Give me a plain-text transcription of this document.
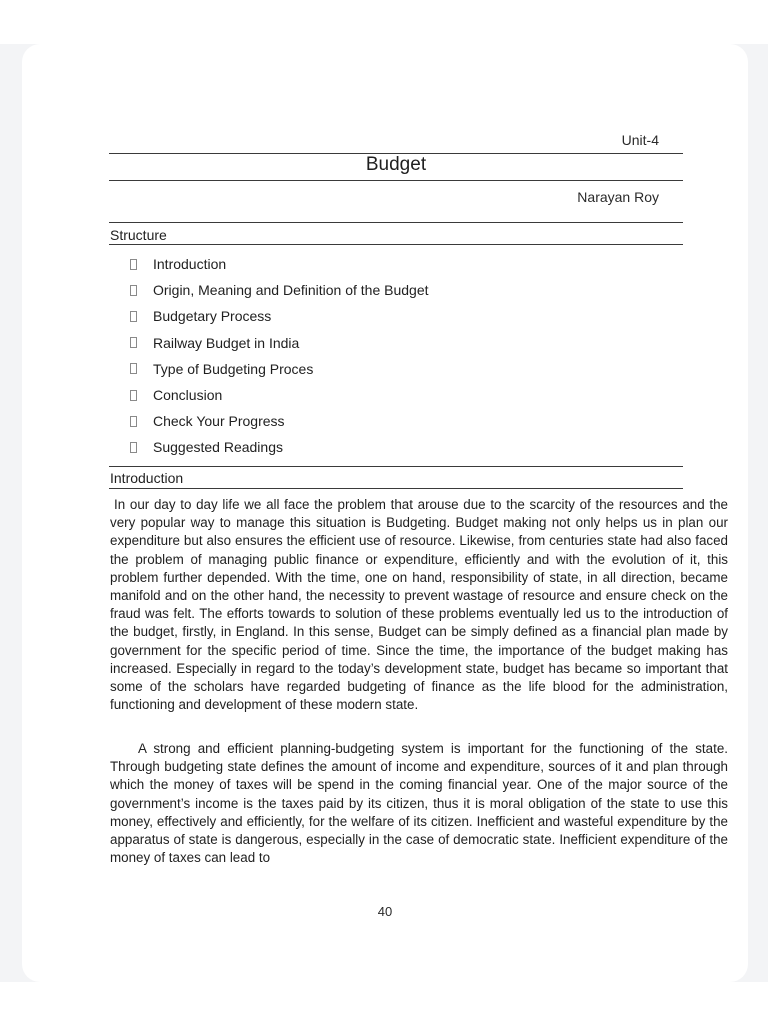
Unit-4
Budget
Narayan Roy
Structure
Introduction
Origin, Meaning and Definition of the Budget
Budgetary Process
Railway Budget in India
Type of Budgeting Proces
Conclusion
Check Your Progress
Suggested Readings
Introduction

In our day to day life we all face the problem that arouse due to the scarcity of the resources and the very popular way to manage this situation is Budgeting. Budget making not only helps us in plan our expenditure but also ensures the efficient use of resource. Likewise, from centuries state had also faced the problem of managing public finance or expenditure, efficiently and with the evolution of it, this problem further depended. With the time, one on hand, responsibility of state, in all direction, became manifold and on the other hand, the necessity to prevent wastage of resource and ensure check on the fraud was felt. The efforts towards to solution of these problems eventually led us to the introduction of the budget, firstly, in England. In this sense, Budget can be simply defined as a financial plan made by government for the specific period of time. Since the time, the importance of the budget making has increased. Especially in regard to the today’s development state, budget has became so important that some of the scholars have regarded budgeting of finance as the life blood for the administration, functioning and development of these modern state.

A strong and efficient planning-budgeting system is important for the functioning of the state. Through budgeting state defines the amount of income and expenditure, sources of it and plan through which the money of taxes will be spend in the coming financial year. One of the major source of the government’s income is the taxes paid by its citizen, thus it is moral obligation of the state to use this money, effectively and efficiently, for the welfare of its citizen. Inefficient and wasteful expenditure by the apparatus of state is dangerous, especially in the case of democratic state. Inefficient expenditure of the money of taxes can lead to

40
